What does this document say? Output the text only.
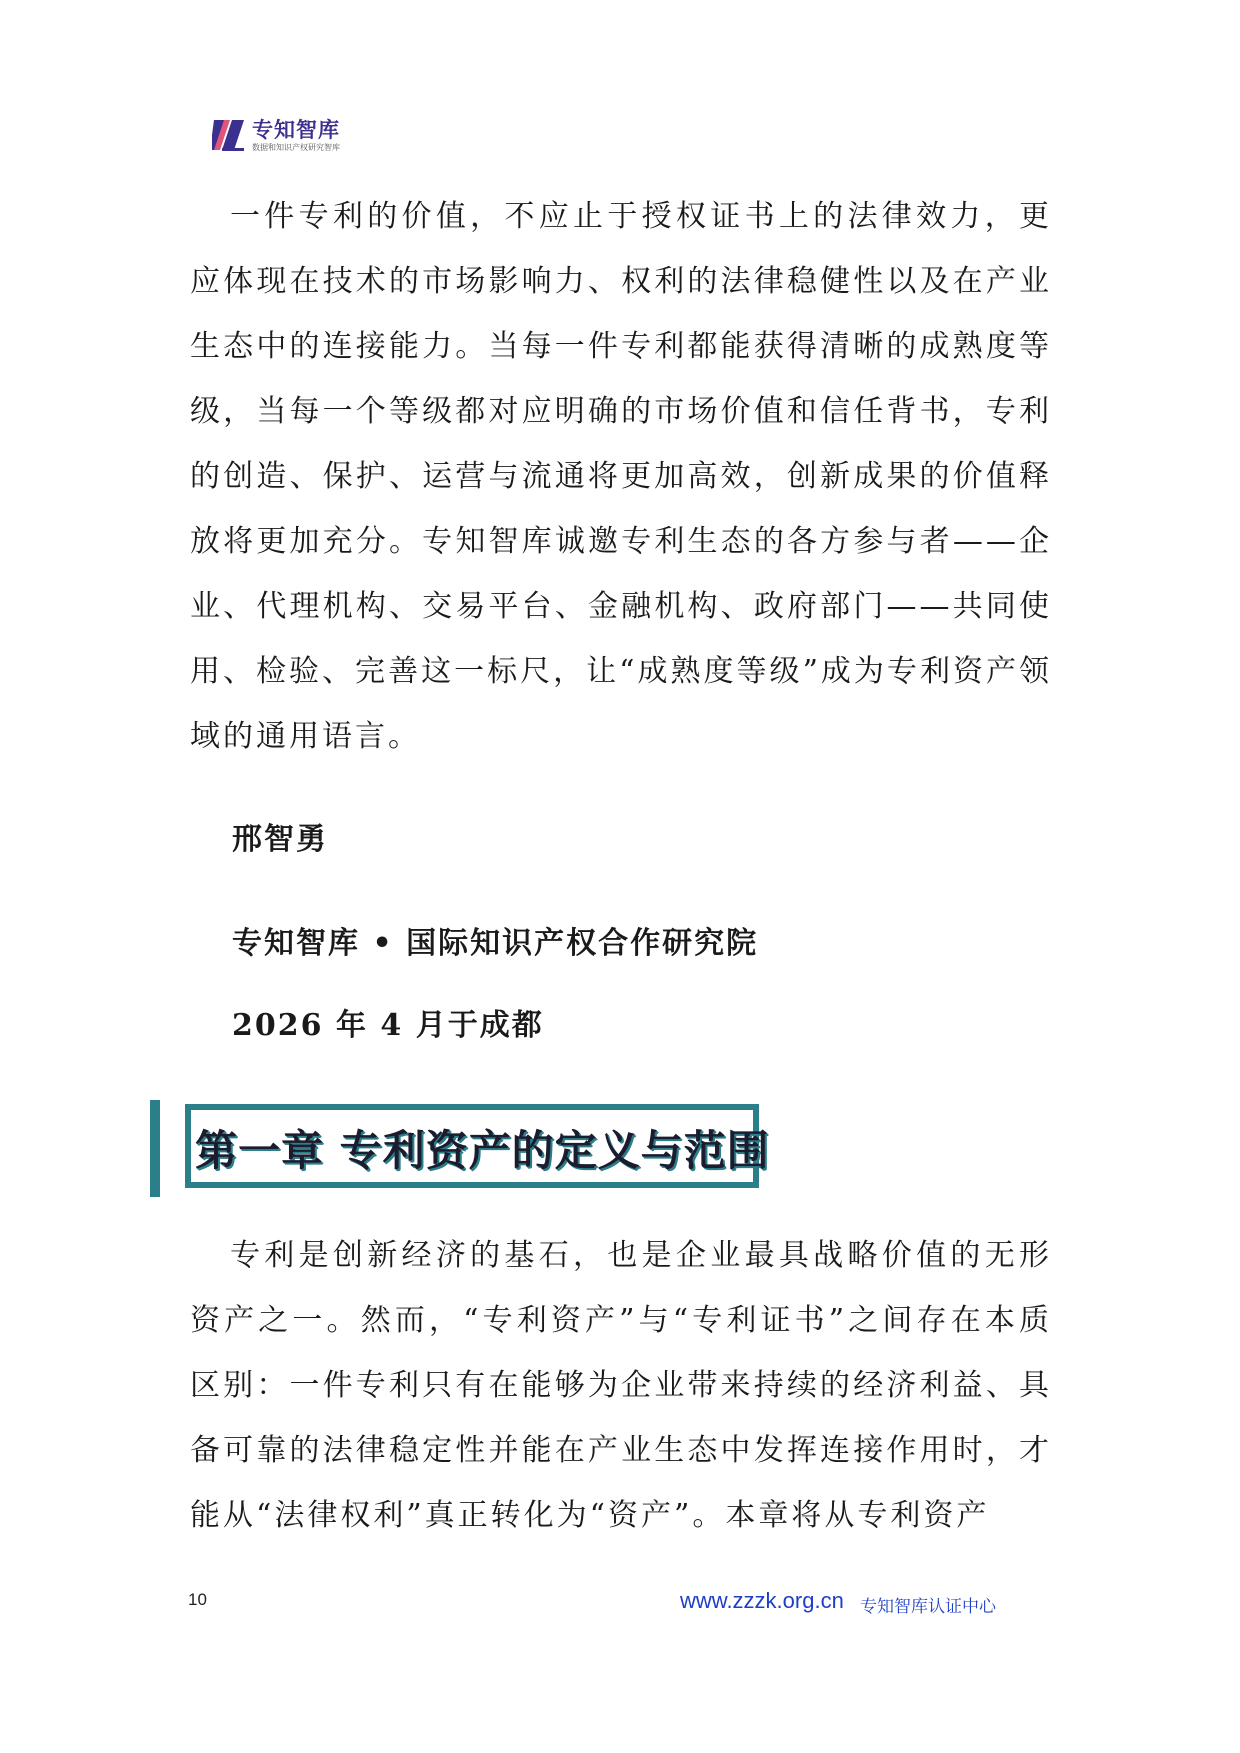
专知智库
数据和知识产权研究智库

一件专利的价值，不应止于授权证书上的法律效力，更应体现在技术的市场影响力、权利的法律稳健性以及在产业生态中的连接能力。当每一件专利都能获得清晰的成熟度等级，当每一个等级都对应明确的市场价值和信任背书，专利的创造、保护、运营与流通将更加高效，创新成果的价值释放将更加充分。专知智库诚邀专利生态的各方参与者——企业、代理机构、交易平台、金融机构、政府部门——共同使用、检验、完善这一标尺，让“成熟度等级”成为专利资产领域的通用语言。

邢智勇

专知智库 • 国际知识产权合作研究院

2026 年 4 月于成都

第一章 专利资产的定义与范围

专利是创新经济的基石，也是企业最具战略价值的无形资产之一。然而，“专利资产”与“专利证书”之间存在本质区别：一件专利只有在能够为企业带来持续的经济利益、具备可靠的法律稳定性并能在产业生态中发挥连接作用时，才能从“法律权利”真正转化为“资产”。本章将从专利资产

10	www.zzzk.org.cn 专知智库认证中心
